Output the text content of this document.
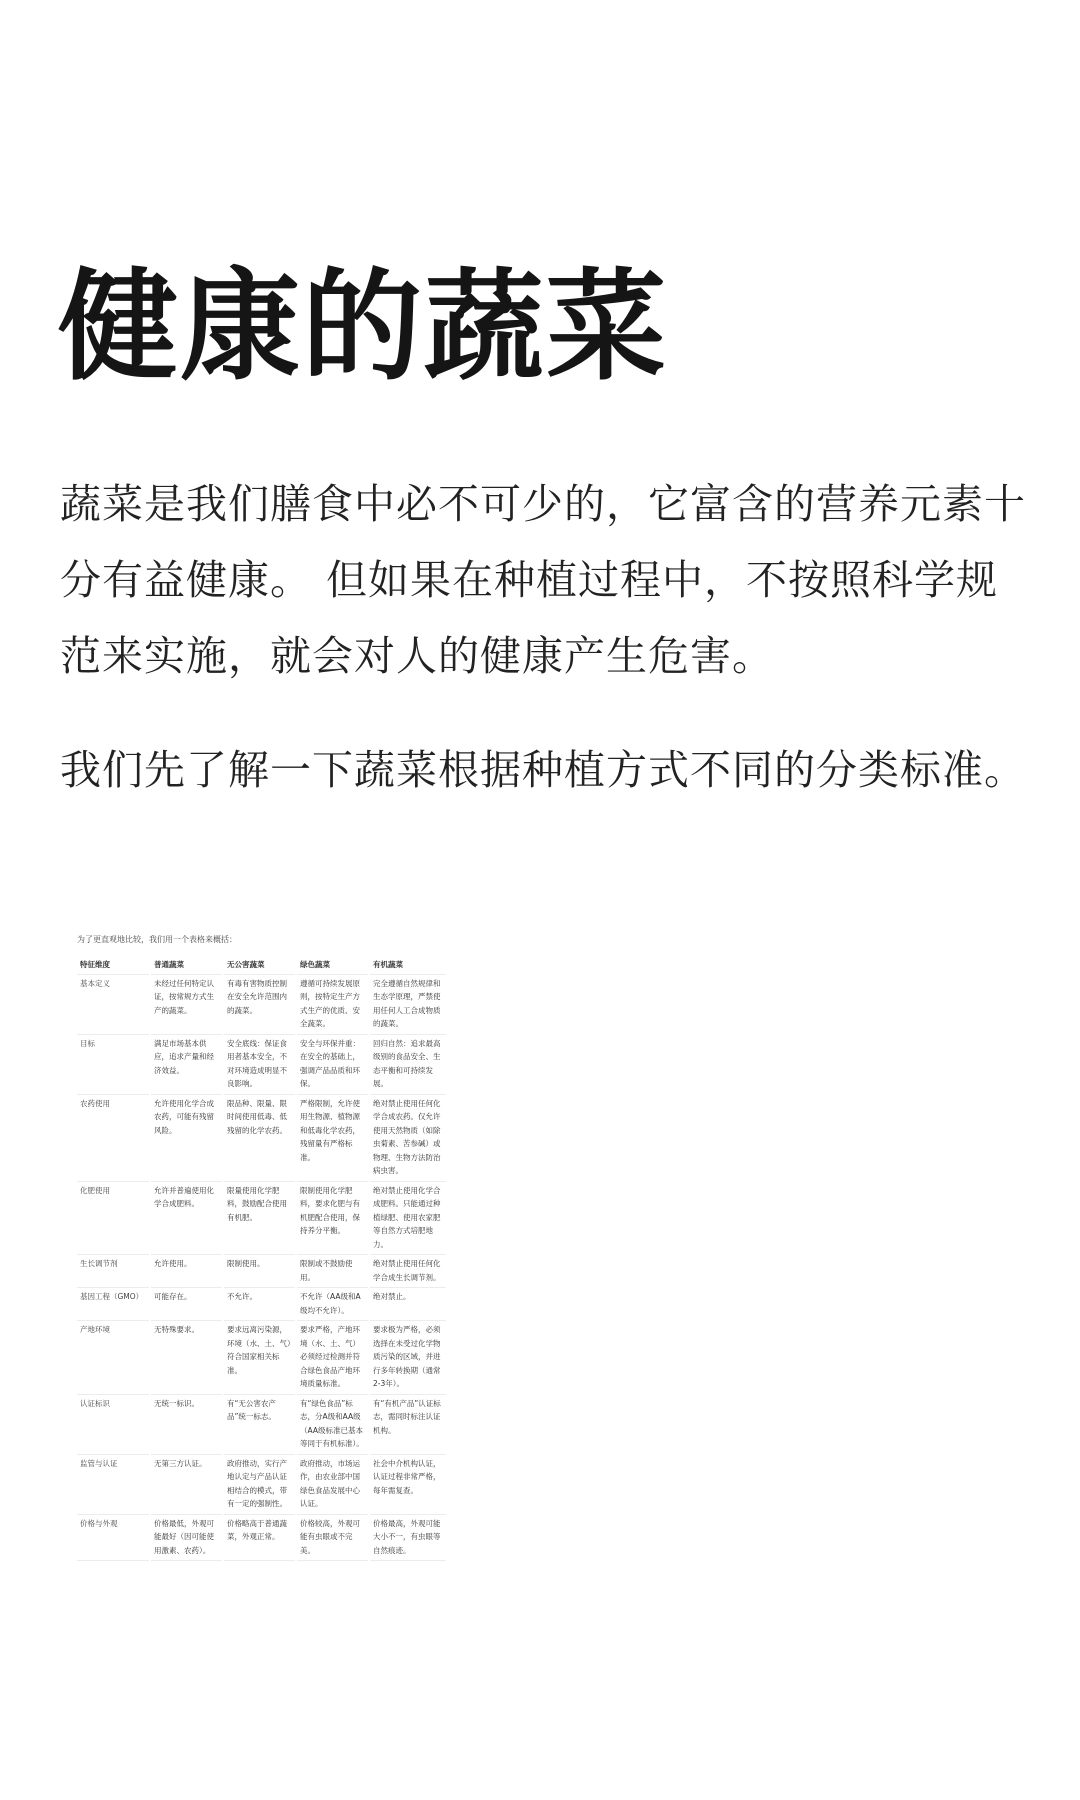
健康的蔬菜

蔬菜是我们膳食中必不可少的，它富含的营养元素十分有益健康。 但如果在种植过程中，不按照科学规范来实施，就会对人的健康产生危害。

我们先了解一下蔬菜根据种植方式不同的分类标准。

为了更直观地比较，我们用一个表格来概括：

特征维度	普通蔬菜	无公害蔬菜	绿色蔬菜	有机蔬菜
基本定义	未经过任何特定认证，按常规方式生产的蔬菜。	有毒有害物质控制在安全允许范围内的蔬菜。	遵循可持续发展原则，按特定生产方式生产的优质、安全蔬菜。	完全遵循自然规律和生态学原理，严禁使用任何人工合成物质的蔬菜。
目标	满足市场基本供应，追求产量和经济效益。	安全底线：保证食用者基本安全，不对环境造成明显不良影响。	安全与环保并重：在安全的基础上，强调产品品质和环保。	回归自然：追求最高级别的食品安全、生态平衡和可持续发展。
农药使用	允许使用化学合成农药，可能有残留风险。	限品种、限量、限时间使用低毒、低残留的化学农药。	严格限制，允许使用生物源、植物源和低毒化学农药，残留量有严格标准。	绝对禁止使用任何化学合成农药。仅允许使用天然物质（如除虫菊素、苦参碱）或物理、生物方法防治病虫害。
化肥使用	允许并普遍使用化学合成肥料。	限量使用化学肥料，鼓励配合使用有机肥。	限制使用化学肥料，要求化肥与有机肥配合使用，保持养分平衡。	绝对禁止使用化学合成肥料。只能通过种植绿肥、使用农家肥等自然方式培肥地力。
生长调节剂	允许使用。	限制使用。	限制或不鼓励使用。	绝对禁止使用任何化学合成生长调节剂。
基因工程（GMO）	可能存在。	不允许。	不允许（AA级和A级均不允许）。	绝对禁止。
产地环境	无特殊要求。	要求远离污染源，环境（水、土、气）符合国家相关标准。	要求严格，产地环境（水、土、气）必须经过检测并符合绿色食品产地环境质量标准。	要求极为严格，必须选择在未受过化学物质污染的区域，并进行多年转换期（通常2-3年）。
认证标识	无统一标识。	有“无公害农产品”统一标志。	有“绿色食品”标志，分A级和AA级（AA级标准已基本等同于有机标准）。	有“有机产品”认证标志，需同时标注认证机构。
监管与认证	无第三方认证。	政府推动，实行产地认定与产品认证相结合的模式，带有一定的强制性。	政府推动，市场运作，由农业部中国绿色食品发展中心认证。	社会中介机构认证，认证过程非常严格，每年需复查。
价格与外观	价格最低，外观可能最好（因可能使用激素、农药）。	价格略高于普通蔬菜，外观正常。	价格较高，外观可能有虫眼或不完美。	价格最高，外观可能大小不一，有虫眼等自然痕迹。
